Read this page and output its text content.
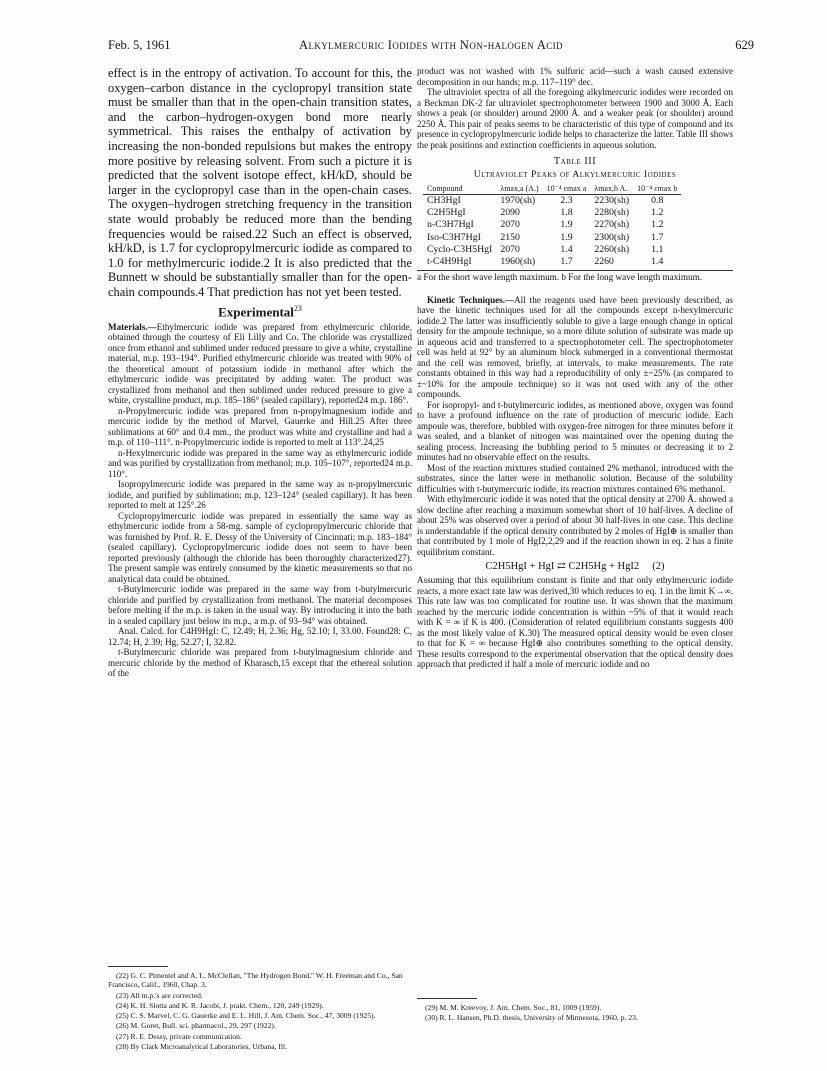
Feb. 5, 1961	Alkylmercuric Iodides with Non-halogen Acid	629

effect is in the entropy of activation. To account for this, the oxygen–carbon distance in the cyclopropyl transition state must be smaller than that in the open-chain transition states, and the carbon–hydrogen-oxygen bond more nearly symmetrical. This raises the enthalpy of activation by increasing the non-bonded repulsions but makes the entropy more positive by releasing solvent. From such a picture it is predicted that the solvent isotope effect, kH/kD, should be larger in the cyclopropyl case than in the open-chain cases. The oxygen–hydrogen stretching frequency in the transition state would probably be reduced more than the bending frequencies would be raised.22 Such an effect is observed, kH/kD, is 1.7 for cyclopropylmercuric iodide as compared to 1.0 for methylmercuric iodide.2 It is also predicted that the Bunnett w should be substantially smaller than for the open-chain compounds.4 That prediction has not yet been tested.

Experimental$^{23}$

Materials.—Ethylmercuric iodide was prepared from ethylmercuric chloride, obtained through the courtesy of Eli Lilly and Co. The chloride was crystallized once from ethanol and sublimed under reduced pressure to give a white, crystalline material, m.p. 193–194°. Purified ethylmercuric chloride was treated with 90% of the theoretical amount of potassium iodide in methanol after which the ethylmercuric iodide was precipitated by adding water. The product was crystallized from methanol and then sublimed under reduced pressure to give a white, crystalline product, m.p. 185–186° (sealed capillary), reported24 m.p. 186°.

n-Propylmercuric iodide was prepared from n-propylmagnesium iodide and mercuric iodide by the method of Marvel, Gauerke and Hill.25 After three sublimations at 60° and 0.4 mm., the product was white and crystalline and had a m.p. of 110–111°. n-Propylmercuric iodide is reported to melt at 113°.24,25

n-Hexylmercuric iodide was prepared in the same way as ethylmercuric iodide and was purified by crystallization from methanol; m.p. 105–107°, reported24 m.p. 110°.

Isopropylmercuric iodide was prepared in the same way as n-propylmercuric iodide, and purified by sublimation; m.p. 123–124° (sealed capillary). It has been reported to melt at 125°.26

Cyclopropylmercuric iodide was prepared in essentially the same way as ethylmercuric iodide from a 58-mg. sample of cyclopropylmercuric chloride that was furnished by Prof. R. E. Dessy of the University of Cincinnati; m.p. 183–184° (sealed capillary). Cyclopropylmercuric iodide does not seem to have been reported previously (although the chloride has been thoroughly characterized27). The present sample was entirely consumed by the kinetic measurements so that no analytical data could be obtained.

t-Butylmercuric iodide was prepared in the same way from t-butylmercuric chloride and purified by crystallization from methanol. The material decomposes before melting if the m.p. is taken in the usual way. By introducing it into the bath in a sealed capillary just below its m.p., a m.p. of 93–94° was obtained.

Anal. Calcd. for C4H9HgI: C, 12.49; H, 2.36; Hg, 52.10; I, 33.00. Found28: C, 12.74; H, 2.39; Hg, 52.27; I, 32.82.

t-Butylmercuric chloride was prepared from t-butylmagnesium chloride and mercuric chloride by the method of Kharasch,15 except that the ethereal solution of the

(22) G. C. Pimentel and A. L. McClellan, "The Hydrogen Bond," W. H. Freeman and Co., San Francisco, Calif., 1960, Chap. 3.

(23) All m.p.'s are corrected.

(24) K. H. Slotta and K. R. Jacobi, J. prakt. Chem., 120, 249 (1929).

(25) C. S. Marvel, C. G. Gauerke and E. L. Hill, J. Am. Chem. Soc., 47, 3009 (1925).

(26) M. Goret, Bull. sci. pharmacol., 29, 297 (1922).

(27) R. E. Dessy, private communication.

(28) By Clark Microanalytical Laboratories, Urbana, Ill.

product was not washed with 1% sulfuric acid—such a wash caused extensive decomposition in our hands; m.p. 117–119° dec.

The ultraviolet spectra of all the foregoing alkylmercuric iodides were recorded on a Beckman DK-2 far ultraviolet spectrophotometer between 1900 and 3000 Å. Each shows a peak (or shoulder) around 2000 Å. and a weaker peak (or shoulder) around 2250 Å. This pair of peaks seems to be characteristic of this type of compound and its presence in cyclopropylmercuric iodide helps to characterize the latter. Table III shows the peak positions and extinction coefficients in aqueous solution.

Table III
Ultraviolet Peaks of Alkylmercuric Iodides
Compound	λmax,a (A.)	10⁻⁴ εmax a	λmax,b A.	10⁻⁴ εmax b
CH3HgI	1970(sh)	2.3	2230(sh)	0.8
C2H5HgI	2090	1.8	2280(sh)	1.2
n-C3H7HgI	2070	1.9	2270(sh)	1.2
Iso-C3H7HgI	2150	1.9	2300(sh)	1.7
Cyclo-C3H5HgI	2070	1.4	2260(sh)	1.1
t-C4H9HgI	1960(sh)	1.7	2260	1.4
a For the short wave length maximum. b For the long wave length maximum.

Kinetic Techniques.—All the reagents used have been previously described, as have the kinetic techniques used for all the compounds except n-hexylmercuric iodide.2 The latter was insufficiently soluble to give a large enough change in optical density for the ampoule technique, so a more dilute solution of substrate was made up in aqueous acid and transferred to a spectrophotometer cell. The spectrophotometer cell was held at 92° by an aluminum block submerged in a conventional thermostat and the cell was removed, briefly, at intervals, to make measurements. The rate constants obtained in this way had a reproducibility of only ±~25% (as compared to ±~10% for the ampoule technique) so it was not used with any of the other compounds.

For isopropyl- and t-butylmercuric iodides, as mentioned above, oxygen was found to have a profound influence on the rate of production of mercuric iodide. Each ampoule was, therefore, bubbled with oxygen-free nitrogen for three minutes before it was sealed, and a blanket of nitrogen was maintained over the opening during the sealing process. Increasing the bubbling period to 5 minutes or decreasing it to 2 minutes had no observable effect on the results.

Most of the reaction mixtures studied contained 2% methanol, introduced with the substrates, since the latter were in methanolic solution. Because of the solubility difficulties with t-butymercuric iodide, its reaction mixtures contained 6% methanol.

With ethylmercuric iodide it was noted that the optical density at 2700 Å. showed a slow decline after reaching a maximum somewhat short of 10 half-lives. A decline of about 25% was observed over a period of about 30 half-lives in one case. This decline is understandable if the optical density contributed by 2 moles of HgI⊕ is smaller than that contributed by 1 mole of HgI2,2,29 and if the reaction shown in eq. 2 has a finite equilibrium constant.

C2H5HgI + HgI ⇄ C2H5Hg + HgI2 (2)

Assuming that this equilibrium constant is finite and that only ethylmercuric iodide reacts, a more exact rate law was derived,30 which reduces to eq. 1 in the limit K→∞. This rate law was too complicated for routine use. It was shown that the maximum reached by the mercuric iodide concentration is within ~5% of that it would reach with K = ∞ if K is 400. (Consideration of related equilibrium constants suggests 400 as the most likely value of K.30) The measured optical density would be even closer to that for K = ∞ because HgI⊕ also contributes something to the optical density. These results correspond to the experimental observation that the optical density does approach that predicted if half a mole of mercuric iodide and no

(29) M. M. Kreevoy, J. Am. Chem. Soc., 81, 1009 (1959).

(30) R. L. Hansen, Ph.D. thesis, University of Minnesota, 1960, p. 23.
